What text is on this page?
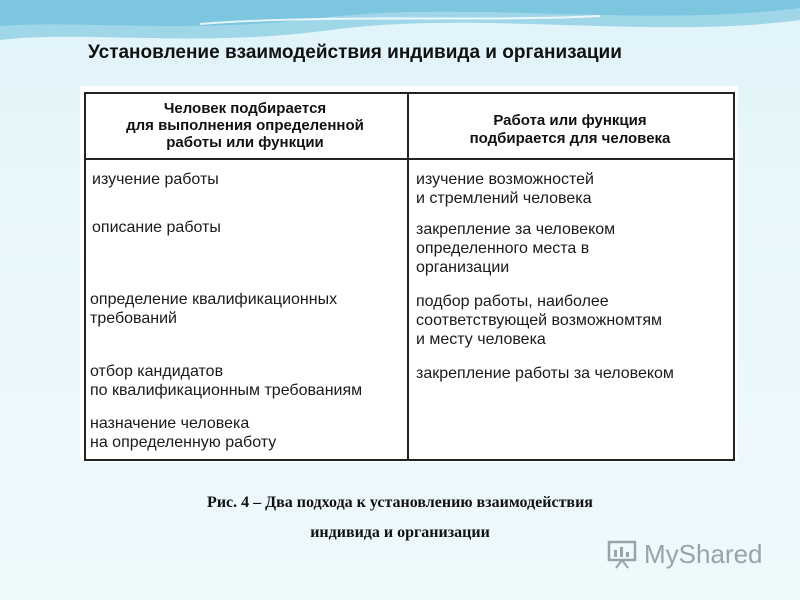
Установление взаимодействия индивида и организации
Человек подбирается
для выполнения определенной
работы или функции
Работа или функция
подбирается для человека
изучение работы
описание работы
определение квалификационных
требований
отбор кандидатов
по квалификационным требованиям
назначение человека
на определенную работу
изучение возможностей
и стремлений человека
закрепление за человеком
определенного места в
организации
подбор работы, наиболее
соответствующей возможномтям
и месту человека
закрепление работы за человеком
Рис. 4 – Два подхода к установлению взаимодействия
индивида и организации
MyShared
